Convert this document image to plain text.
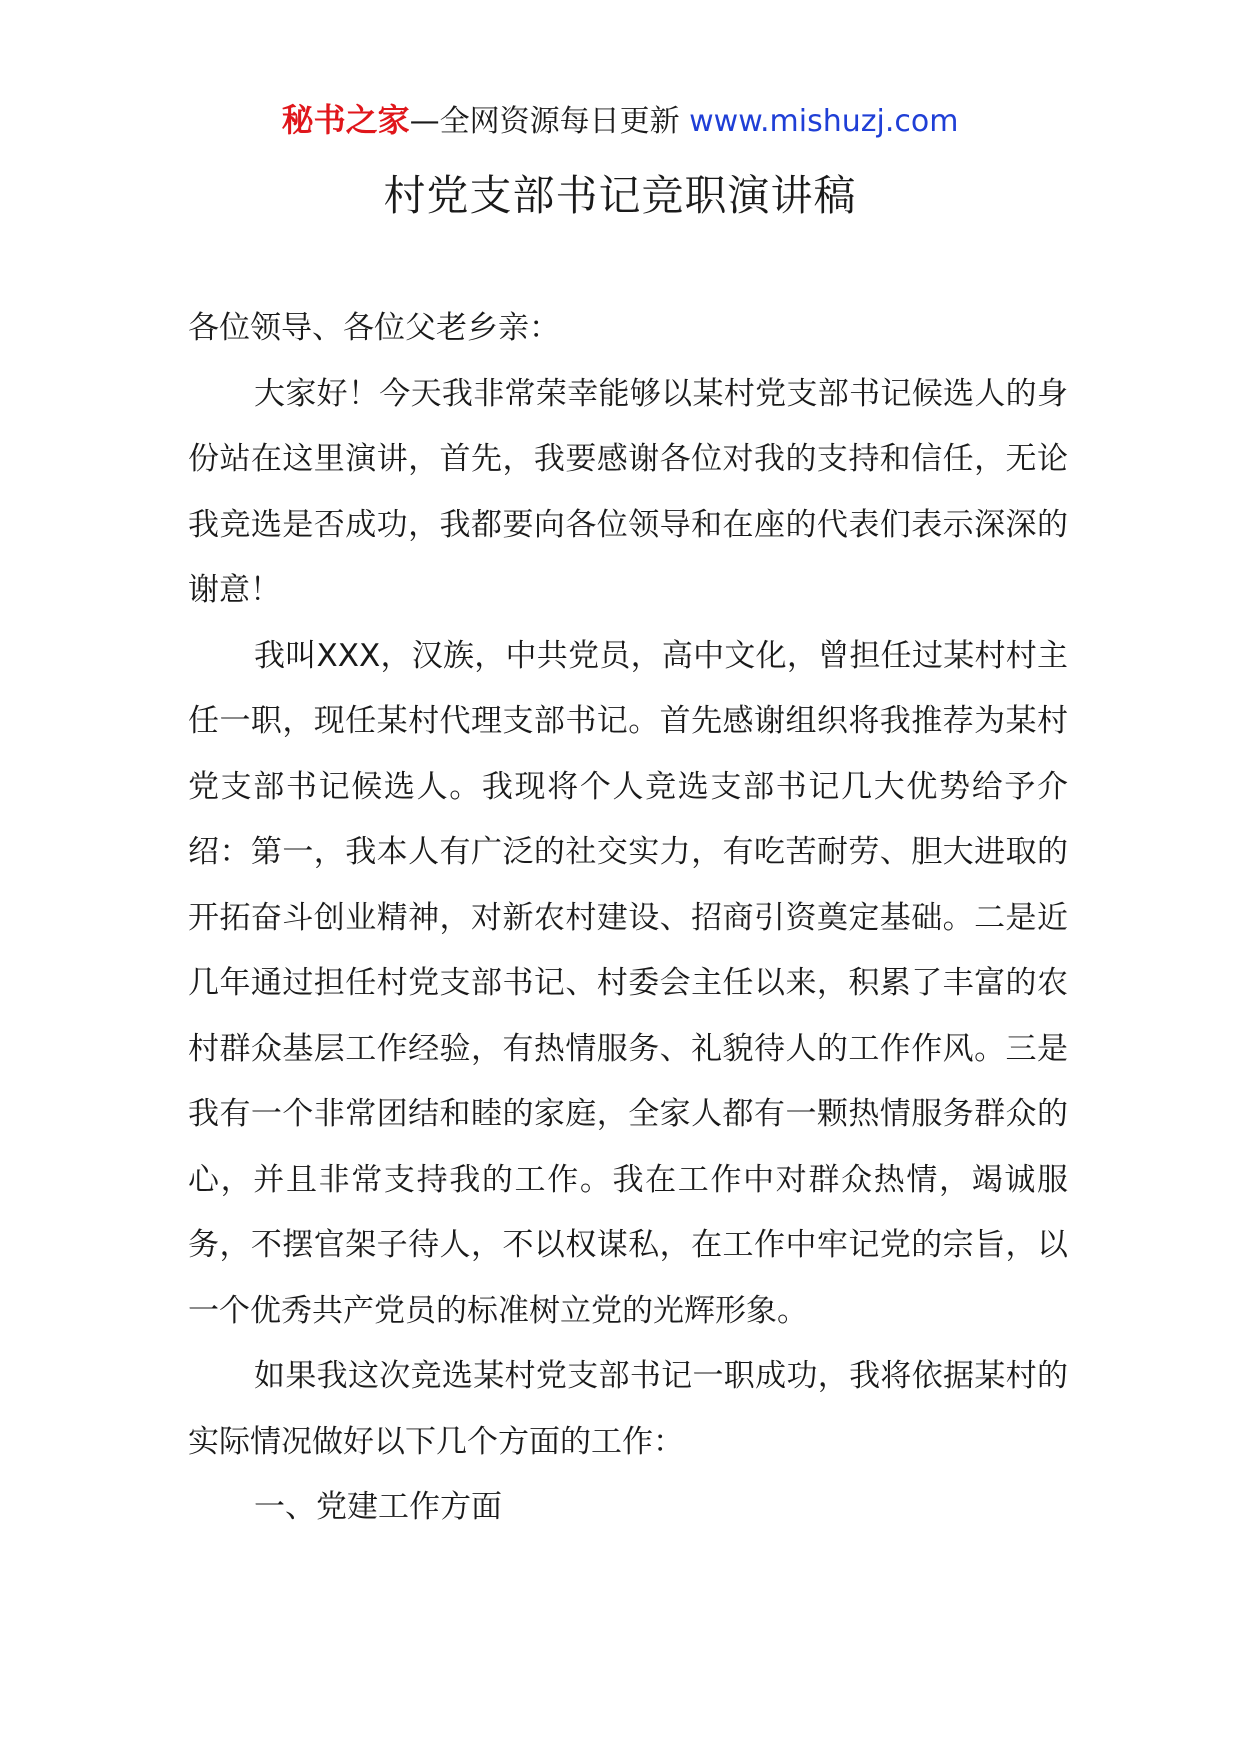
秘书之家—全网资源每日更新 www.mishuzj.com
村党支部书记竞职演讲稿

各位领导、各位父老乡亲：

大家好！今天我非常荣幸能够以某村党支部书记候选人的身份站在这里演讲，首先，我要感谢各位对我的支持和信任，无论我竞选是否成功，我都要向各位领导和在座的代表们表示深深的谢意！

我叫XXX，汉族，中共党员，高中文化，曾担任过某村村主任一职，现任某村代理支部书记。首先感谢组织将我推荐为某村党支部书记候选人。我现将个人竞选支部书记几大优势给予介绍：第一，我本人有广泛的社交实力，有吃苦耐劳、胆大进取的开拓奋斗创业精神，对新农村建设、招商引资奠定基础。二是近几年通过担任村党支部书记、村委会主任以来，积累了丰富的农村群众基层工作经验，有热情服务、礼貌待人的工作作风。三是我有一个非常团结和睦的家庭，全家人都有一颗热情服务群众的心，并且非常支持我的工作。我在工作中对群众热情，竭诚服务，不摆官架子待人，不以权谋私，在工作中牢记党的宗旨，以一个优秀共产党员的标准树立党的光辉形象。

如果我这次竞选某村党支部书记一职成功，我将依据某村的实际情况做好以下几个方面的工作：

一、党建工作方面
